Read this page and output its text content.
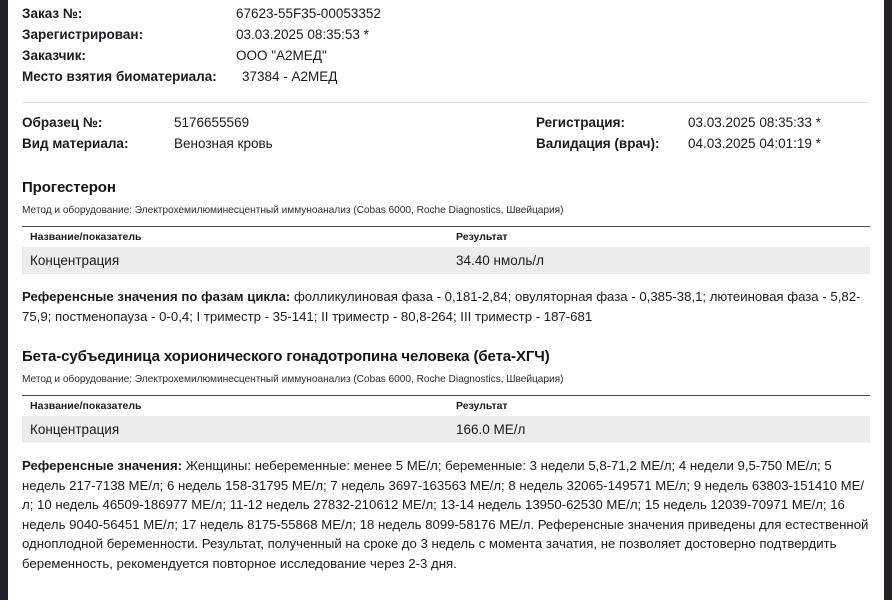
Заказ №:	67623-55F35-00053352
Зарегистрирован:	03.03.2025 08:35:53 *
Заказчик:	ООО "А2МЕД"
Место взятия биоматериала:	37384 - А2МЕД
Образец №:	5176655569
Вид материала:	Венозная кровь
Регистрация:	03.03.2025 08:35:33 *
Валидация (врач):	04.03.2025 04:01:19 *
Прогестерон
Метод и оборудование: Электрохемилюминесцентный иммуноанализ (Cobas 6000, Roche Diagnostics, Швейцария)
Название/показатель	Результат
Концентрация	34.40 нмоль/л
Референсные значения по фазам цикла: фолликулиновая фаза - 0,181-2,84; овуляторная фаза - 0,385-38,1; лютеиновая фаза - 5,82-75,9; постменопауза - 0-0,4; I триместр - 35-141; II триместр - 80,8-264; III триместр - 187-681
Бета-субъединица хорионического гонадотропина человека (бета-ХГЧ)
Метод и оборудование: Электрохемилюминесцентный иммуноанализ (Cobas 6000, Roche Diagnostics, Швейцария)
Название/показатель	Результат
Концентрация	166.0 МЕ/л
Референсные значения: Женщины: небеременные: менее 5 МЕ/л; беременные: 3 недели 5,8-71,2 МЕ/л; 4 недели 9,5-750 МЕ/л; 5 недель 217-7138 МЕ/л; 6 недель 158-31795 МЕ/л; 7 недель 3697-163563 МЕ/л; 8 недель 32065-149571 МЕ/л; 9 недель 63803-151410 МЕ/л; 10 недель 46509-186977 МЕ/л; 11-12 недель 27832-210612 МЕ/л; 13-14 недель 13950-62530 МЕ/л; 15 недель 12039-70971 МЕ/л; 16 недель 9040-56451 МЕ/л; 17 недель 8175-55868 МЕ/л; 18 недель 8099-58176 МЕ/л. Референсные значения приведены для естественной одноплодной беременности. Результат, полученный на сроке до 3 недель с момента зачатия, не позволяет достоверно подтвердить беременность, рекомендуется повторное исследование через 2-3 дня.
